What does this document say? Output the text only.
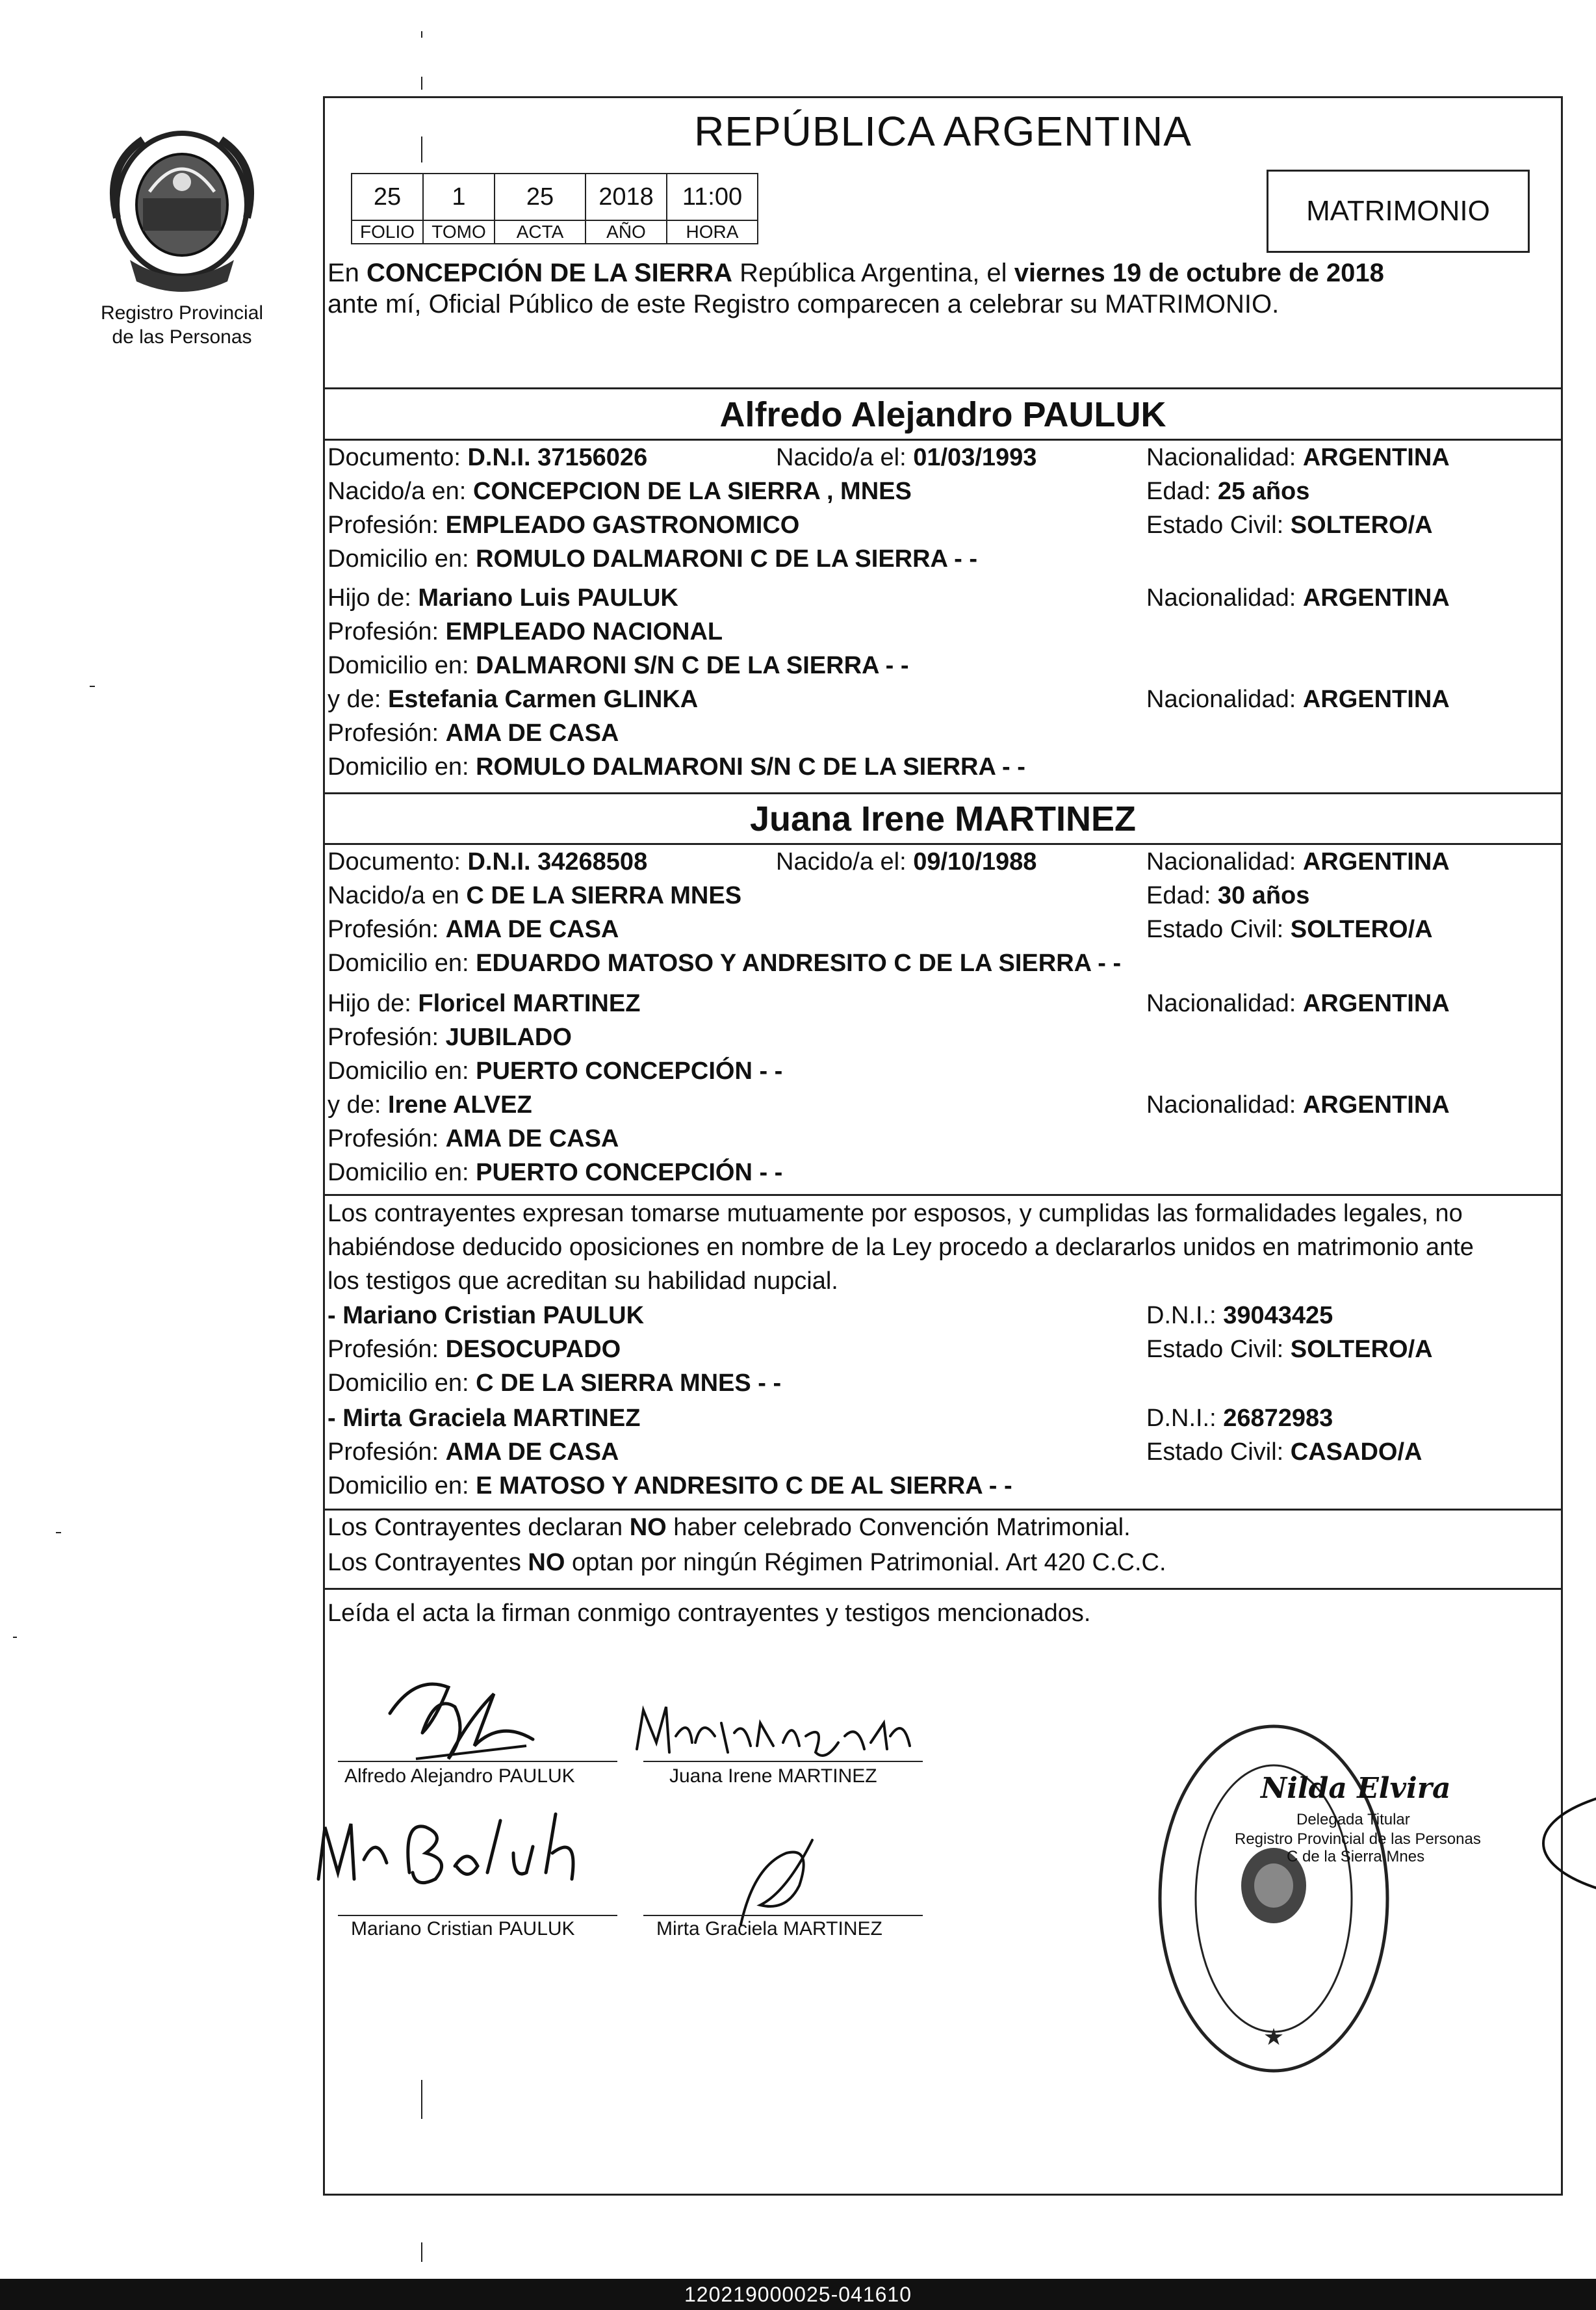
Registro Provincial
de las Personas
REPÚBLICA ARGENTINA
25	1	25	2018	11:00
FOLIO	TOMO	ACTA	AÑO	HORA
MATRIMONIO
En CONCEPCIÓN DE LA SIERRA República Argentina, el viernes 19 de octubre de 2018
ante mí, Oficial Público de este Registro comparecen a celebrar su MATRIMONIO.
Alfredo Alejandro PAULUK
Documento: D.N.I. 37156026	Nacido/a el: 01/03/1993	Nacionalidad: ARGENTINA
Nacido/a en: CONCEPCION DE LA SIERRA , MNES	Edad: 25 años
Profesión: EMPLEADO GASTRONOMICO	Estado Civil: SOLTERO/A
Domicilio en: ROMULO DALMARONI C DE LA SIERRA - -
Hijo de: Mariano Luis PAULUK	Nacionalidad: ARGENTINA
Profesión: EMPLEADO NACIONAL
Domicilio en: DALMARONI S/N C DE LA SIERRA - -
y de: Estefania Carmen GLINKA	Nacionalidad: ARGENTINA
Profesión: AMA DE CASA
Domicilio en: ROMULO DALMARONI S/N C DE LA SIERRA - -
Juana Irene MARTINEZ
Documento: D.N.I. 34268508	Nacido/a el: 09/10/1988	Nacionalidad: ARGENTINA
Nacido/a en C DE LA SIERRA MNES	Edad: 30 años
Profesión: AMA DE CASA	Estado Civil: SOLTERO/A
Domicilio en: EDUARDO MATOSO Y ANDRESITO C DE LA SIERRA - -
Hijo de: Floricel MARTINEZ	Nacionalidad: ARGENTINA
Profesión: JUBILADO
Domicilio en: PUERTO CONCEPCIÓN - -
y de: Irene ALVEZ	Nacionalidad: ARGENTINA
Profesión: AMA DE CASA
Domicilio en: PUERTO CONCEPCIÓN - -
Los contrayentes expresan tomarse mutuamente por esposos, y cumplidas las formalidades legales, no
habiéndose deducido oposiciones en nombre de la Ley procedo a declararlos unidos en matrimonio ante
los testigos que acreditan su habilidad nupcial.
- Mariano Cristian PAULUK	D.N.I.: 39043425
Profesión: DESOCUPADO	Estado Civil: SOLTERO/A
Domicilio en: C DE LA SIERRA MNES - -
- Mirta Graciela MARTINEZ	D.N.I.: 26872983
Profesión: AMA DE CASA	Estado Civil: CASADO/A
Domicilio en: E MATOSO Y ANDRESITO C DE AL SIERRA - -
Los Contrayentes declaran NO haber celebrado Convención Matrimonial.
Los Contrayentes NO optan por ningún Régimen Patrimonial. Art 420 C.C.C.
Leída el acta la firman conmigo contrayentes y testigos mencionados.
Alfredo Alejandro PAULUK	Juana Irene MARTINEZ
Mariano Cristian PAULUK	Mirta Graciela MARTINEZ
★
Nilda Elvira
Delegada Titular
Registro Provincial de las Personas
C de la Sierra Mnes
120219000025-041610
